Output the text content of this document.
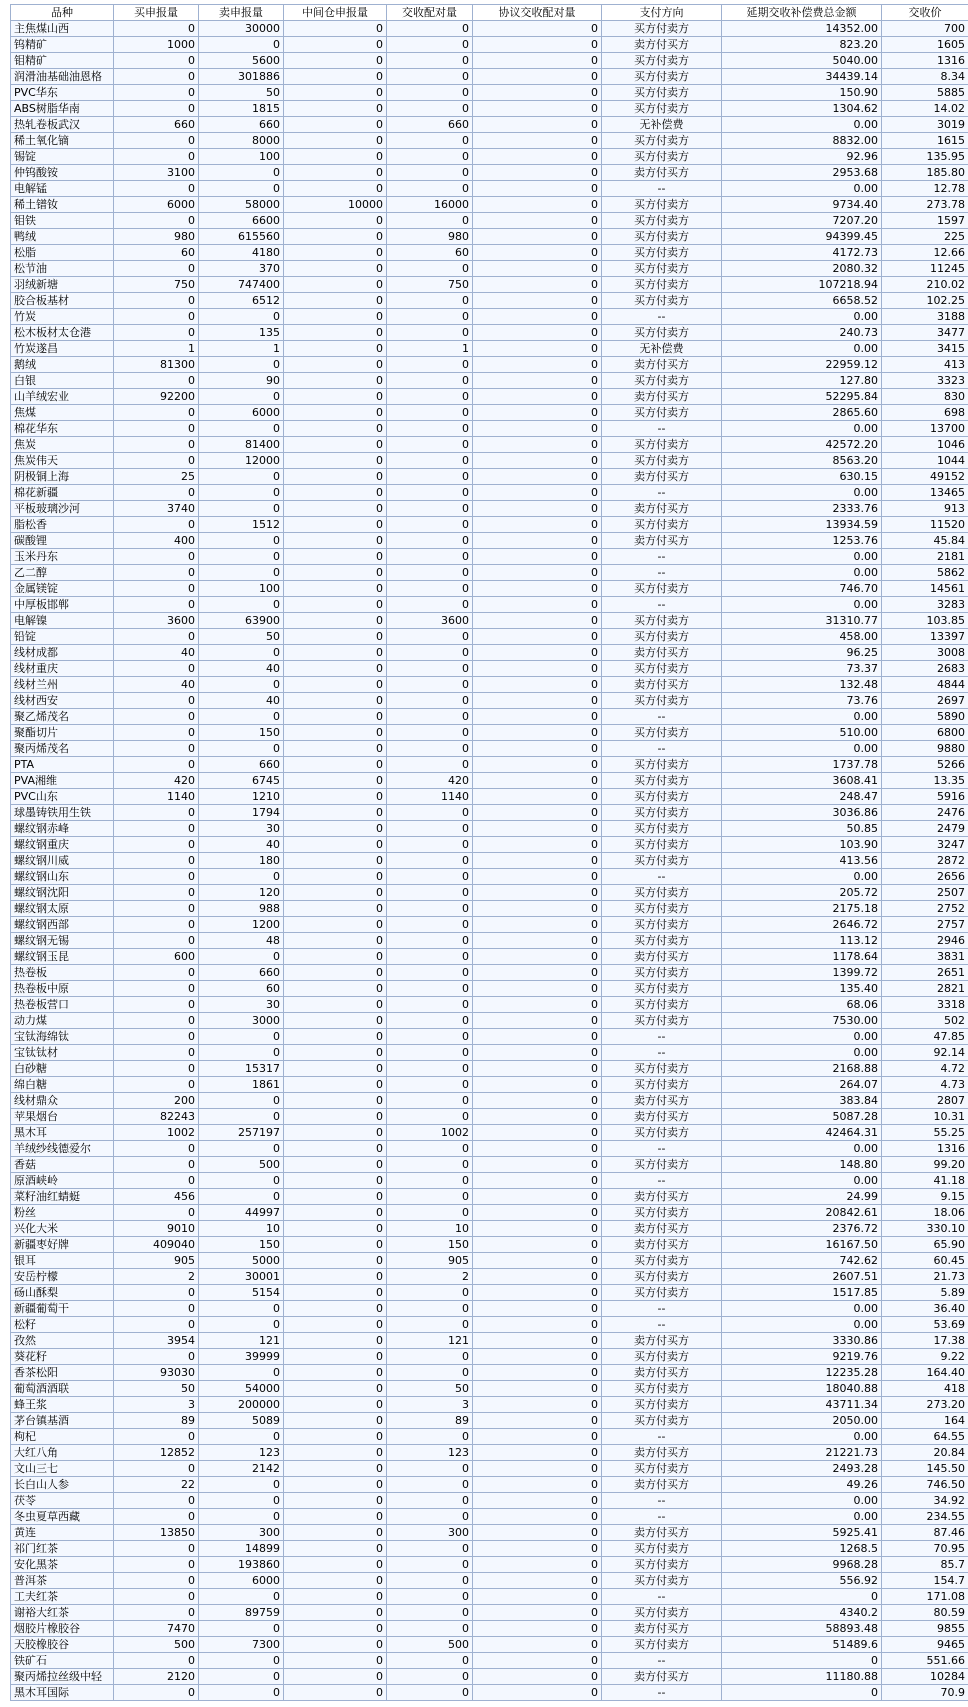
品种	买申报量	卖申报量	中间仓申报量	交收配对量	协议交收配对量	支付方向	延期交收补偿费总金额	交收价
主焦煤山西	0	30000	0	0	0	买方付卖方	14352.00	700
钨精矿	1000	0	0	0	0	卖方付买方	823.20	1605
钼精矿	0	5600	0	0	0	买方付卖方	5040.00	1316
润滑油基础油恩格	0	301886	0	0	0	买方付卖方	34439.14	8.34
PVC华东	0	50	0	0	0	买方付卖方	150.90	5885
ABS树脂华南	0	1815	0	0	0	买方付卖方	1304.62	14.02
热轧卷板武汉	660	660	0	660	0	无补偿费	0.00	3019
稀土氧化镝	0	8000	0	0	0	买方付卖方	8832.00	1615
锡锭	0	100	0	0	0	买方付卖方	92.96	135.95
仲钨酸铵	3100	0	0	0	0	卖方付买方	2953.68	185.80
电解锰	0	0	0	0	0	--	0.00	12.78
稀土镨钕	6000	58000	10000	16000	0	买方付卖方	9734.40	273.78
钼铁	0	6600	0	0	0	买方付卖方	7207.20	1597
鸭绒	980	615560	0	980	0	买方付卖方	94399.45	225
松脂	60	4180	0	60	0	买方付卖方	4172.73	12.66
松节油	0	370	0	0	0	买方付卖方	2080.32	11245
羽绒新塘	750	747400	0	750	0	买方付卖方	107218.94	210.02
胶合板基材	0	6512	0	0	0	买方付卖方	6658.52	102.25
竹炭	0	0	0	0	0	--	0.00	3188
松木板材太仓港	0	135	0	0	0	买方付卖方	240.73	3477
竹炭遂昌	1	1	0	1	0	无补偿费	0.00	3415
鹅绒	81300	0	0	0	0	卖方付买方	22959.12	413
白银	0	90	0	0	0	买方付卖方	127.80	3323
山羊绒宏业	92200	0	0	0	0	卖方付买方	52295.84	830
焦煤	0	6000	0	0	0	买方付卖方	2865.60	698
棉花华东	0	0	0	0	0	--	0.00	13700
焦炭	0	81400	0	0	0	买方付卖方	42572.20	1046
焦炭伟天	0	12000	0	0	0	买方付卖方	8563.20	1044
阴极铜上海	25	0	0	0	0	卖方付买方	630.15	49152
棉花新疆	0	0	0	0	0	--	0.00	13465
平板玻璃沙河	3740	0	0	0	0	卖方付买方	2333.76	913
脂松香	0	1512	0	0	0	买方付卖方	13934.59	11520
碳酸锂	400	0	0	0	0	卖方付买方	1253.76	45.84
玉米丹东	0	0	0	0	0	--	0.00	2181
乙二醇	0	0	0	0	0	--	0.00	5862
金属镁锭	0	100	0	0	0	买方付卖方	746.70	14561
中厚板邯郸	0	0	0	0	0	--	0.00	3283
电解镍	3600	63900	0	3600	0	买方付卖方	31310.77	103.85
铅锭	0	50	0	0	0	买方付卖方	458.00	13397
线材成都	40	0	0	0	0	卖方付买方	96.25	3008
线材重庆	0	40	0	0	0	买方付卖方	73.37	2683
线材兰州	40	0	0	0	0	卖方付买方	132.48	4844
线材西安	0	40	0	0	0	买方付卖方	73.76	2697
聚乙烯茂名	0	0	0	0	0	--	0.00	5890
聚酯切片	0	150	0	0	0	买方付卖方	510.00	6800
聚丙烯茂名	0	0	0	0	0	--	0.00	9880
PTA	0	660	0	0	0	买方付卖方	1737.78	5266
PVA湘维	420	6745	0	420	0	买方付卖方	3608.41	13.35
PVC山东	1140	1210	0	1140	0	买方付卖方	248.47	5916
球墨铸铁用生铁	0	1794	0	0	0	买方付卖方	3036.86	2476
螺纹钢赤峰	0	30	0	0	0	买方付卖方	50.85	2479
螺纹钢重庆	0	40	0	0	0	买方付卖方	103.90	3247
螺纹钢川威	0	180	0	0	0	买方付卖方	413.56	2872
螺纹钢山东	0	0	0	0	0	--	0.00	2656
螺纹钢沈阳	0	120	0	0	0	买方付卖方	205.72	2507
螺纹钢太原	0	988	0	0	0	买方付卖方	2175.18	2752
螺纹钢西部	0	1200	0	0	0	买方付卖方	2646.72	2757
螺纹钢无锡	0	48	0	0	0	买方付卖方	113.12	2946
螺纹钢玉昆	600	0	0	0	0	卖方付买方	1178.64	3831
热卷板	0	660	0	0	0	买方付卖方	1399.72	2651
热卷板中原	0	60	0	0	0	买方付卖方	135.40	2821
热卷板营口	0	30	0	0	0	买方付卖方	68.06	3318
动力煤	0	3000	0	0	0	买方付卖方	7530.00	502
宝钛海绵钛	0	0	0	0	0	--	0.00	47.85
宝钛钛材	0	0	0	0	0	--	0.00	92.14
白砂糖	0	15317	0	0	0	买方付卖方	2168.88	4.72
绵白糖	0	1861	0	0	0	买方付卖方	264.07	4.73
线材鼎众	200	0	0	0	0	卖方付买方	383.84	2807
苹果烟台	82243	0	0	0	0	卖方付买方	5087.28	10.31
黑木耳	1002	257197	0	1002	0	买方付卖方	42464.31	55.25
羊绒纱线德爱尔	0	0	0	0	0	--	0.00	1316
香菇	0	500	0	0	0	买方付卖方	148.80	99.20
原酒峡岭	0	0	0	0	0	--	0.00	41.18
菜籽油红蜻蜓	456	0	0	0	0	卖方付买方	24.99	9.15
粉丝	0	44997	0	0	0	买方付卖方	20842.61	18.06
兴化大米	9010	10	0	10	0	卖方付买方	2376.72	330.10
新疆枣好牌	409040	150	0	150	0	卖方付买方	16167.50	65.90
银耳	905	5000	0	905	0	买方付卖方	742.62	60.45
安岳柠檬	2	30001	0	2	0	买方付卖方	2607.51	21.73
砀山酥梨	0	5154	0	0	0	买方付卖方	1517.85	5.89
新疆葡萄干	0	0	0	0	0	--	0.00	36.40
松籽	0	0	0	0	0	--	0.00	53.69
孜然	3954	121	0	121	0	卖方付买方	3330.86	17.38
葵花籽	0	39999	0	0	0	买方付卖方	9219.76	9.22
香茶松阳	93030	0	0	0	0	卖方付买方	12235.28	164.40
葡萄酒酒联	50	54000	0	50	0	买方付卖方	18040.88	418
蜂王浆	3	200000	0	3	0	买方付卖方	43711.34	273.20
茅台镇基酒	89	5089	0	89	0	买方付卖方	2050.00	164
枸杞	0	0	0	0	0	--	0.00	64.55
大红八角	12852	123	0	123	0	卖方付买方	21221.73	20.84
文山三七	0	2142	0	0	0	买方付卖方	2493.28	145.50
长白山人参	22	0	0	0	0	卖方付买方	49.26	746.50
茯苓	0	0	0	0	0	--	0.00	34.92
冬虫夏草西藏	0	0	0	0	0	--	0.00	234.55
黄连	13850	300	0	300	0	卖方付买方	5925.41	87.46
祁门红茶	0	14899	0	0	0	买方付卖方	1268.5	70.95
安化黑茶	0	193860	0	0	0	买方付卖方	9968.28	85.7
普洱茶	0	6000	0	0	0	买方付卖方	556.92	154.7
工夫红茶	0	0	0	0	0	--	0	171.08
谢裕大红茶	0	89759	0	0	0	买方付卖方	4340.2	80.59
烟胶片橡胶谷	7470	0	0	0	0	卖方付买方	58893.48	9855
天胶橡胶谷	500	7300	0	500	0	买方付卖方	51489.6	9465
铁矿石	0	0	0	0	0	--	0	551.66
聚丙烯拉丝级中轻	2120	0	0	0	0	卖方付买方	11180.88	10284
黑木耳国际	0	0	0	0	0	--	0	70.9
